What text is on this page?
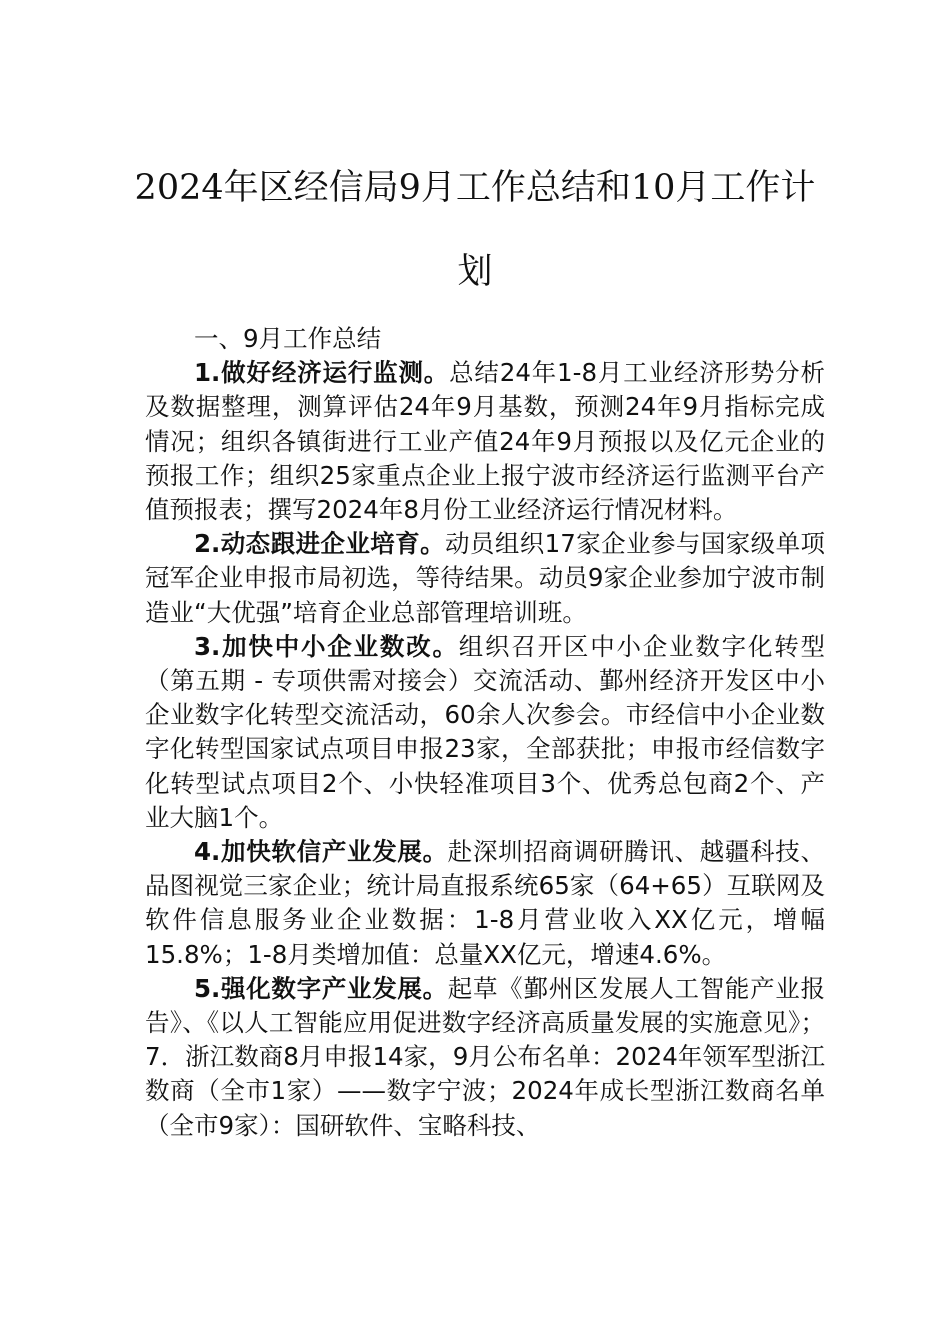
2024年区经信局9月工作总结和10月工作计划

一、9月工作总结

1.做好经济运行监测。总结24年1-8月工业经济形势分析及数据整理，测算评估24年9月基数，预测24年9月指标完成情况；组织各镇街进行工业产值24年9月预报以及亿元企业的预报工作；组织25家重点企业上报宁波市经济运行监测平台产值预报表；撰写2024年8月份工业经济运行情况材料。

2.动态跟进企业培育。动员组织17家企业参与国家级单项冠军企业申报市局初选，等待结果。动员9家企业参加宁波市制造业“大优强”培育企业总部管理培训班。

3.加快中小企业数改。组织召开区中小企业数字化转型（第五期 - 专项供需对接会）交流活动、鄞州经济开发区中小企业数字化转型交流活动，60余人次参会。市经信中小企业数字化转型国家试点项目申报23家，全部获批；申报市经信数字化转型试点项目2个、小快轻准项目3个、优秀总包商2个、产业大脑1个。

4.加快软信产业发展。赴深圳招商调研腾讯、越疆科技、品图视觉三家企业；统计局直报系统65家（64+65）互联网及软件信息服务业企业数据：1-8月营业收入XX亿元，增幅15.8%；1-8月类增加值：总量XX亿元，增速4.6%。

5.强化数字产业发展。起草《鄞州区发展人工智能产业报告》、《以人工智能应用促进数字经济高质量发展的实施意见》；7．浙江数商8月申报14家，9月公布名单：2024年领军型浙江数商（全市1家）——数字宁波；2024年成长型浙江数商名单（全市9家）：国研软件、宝略科技、
